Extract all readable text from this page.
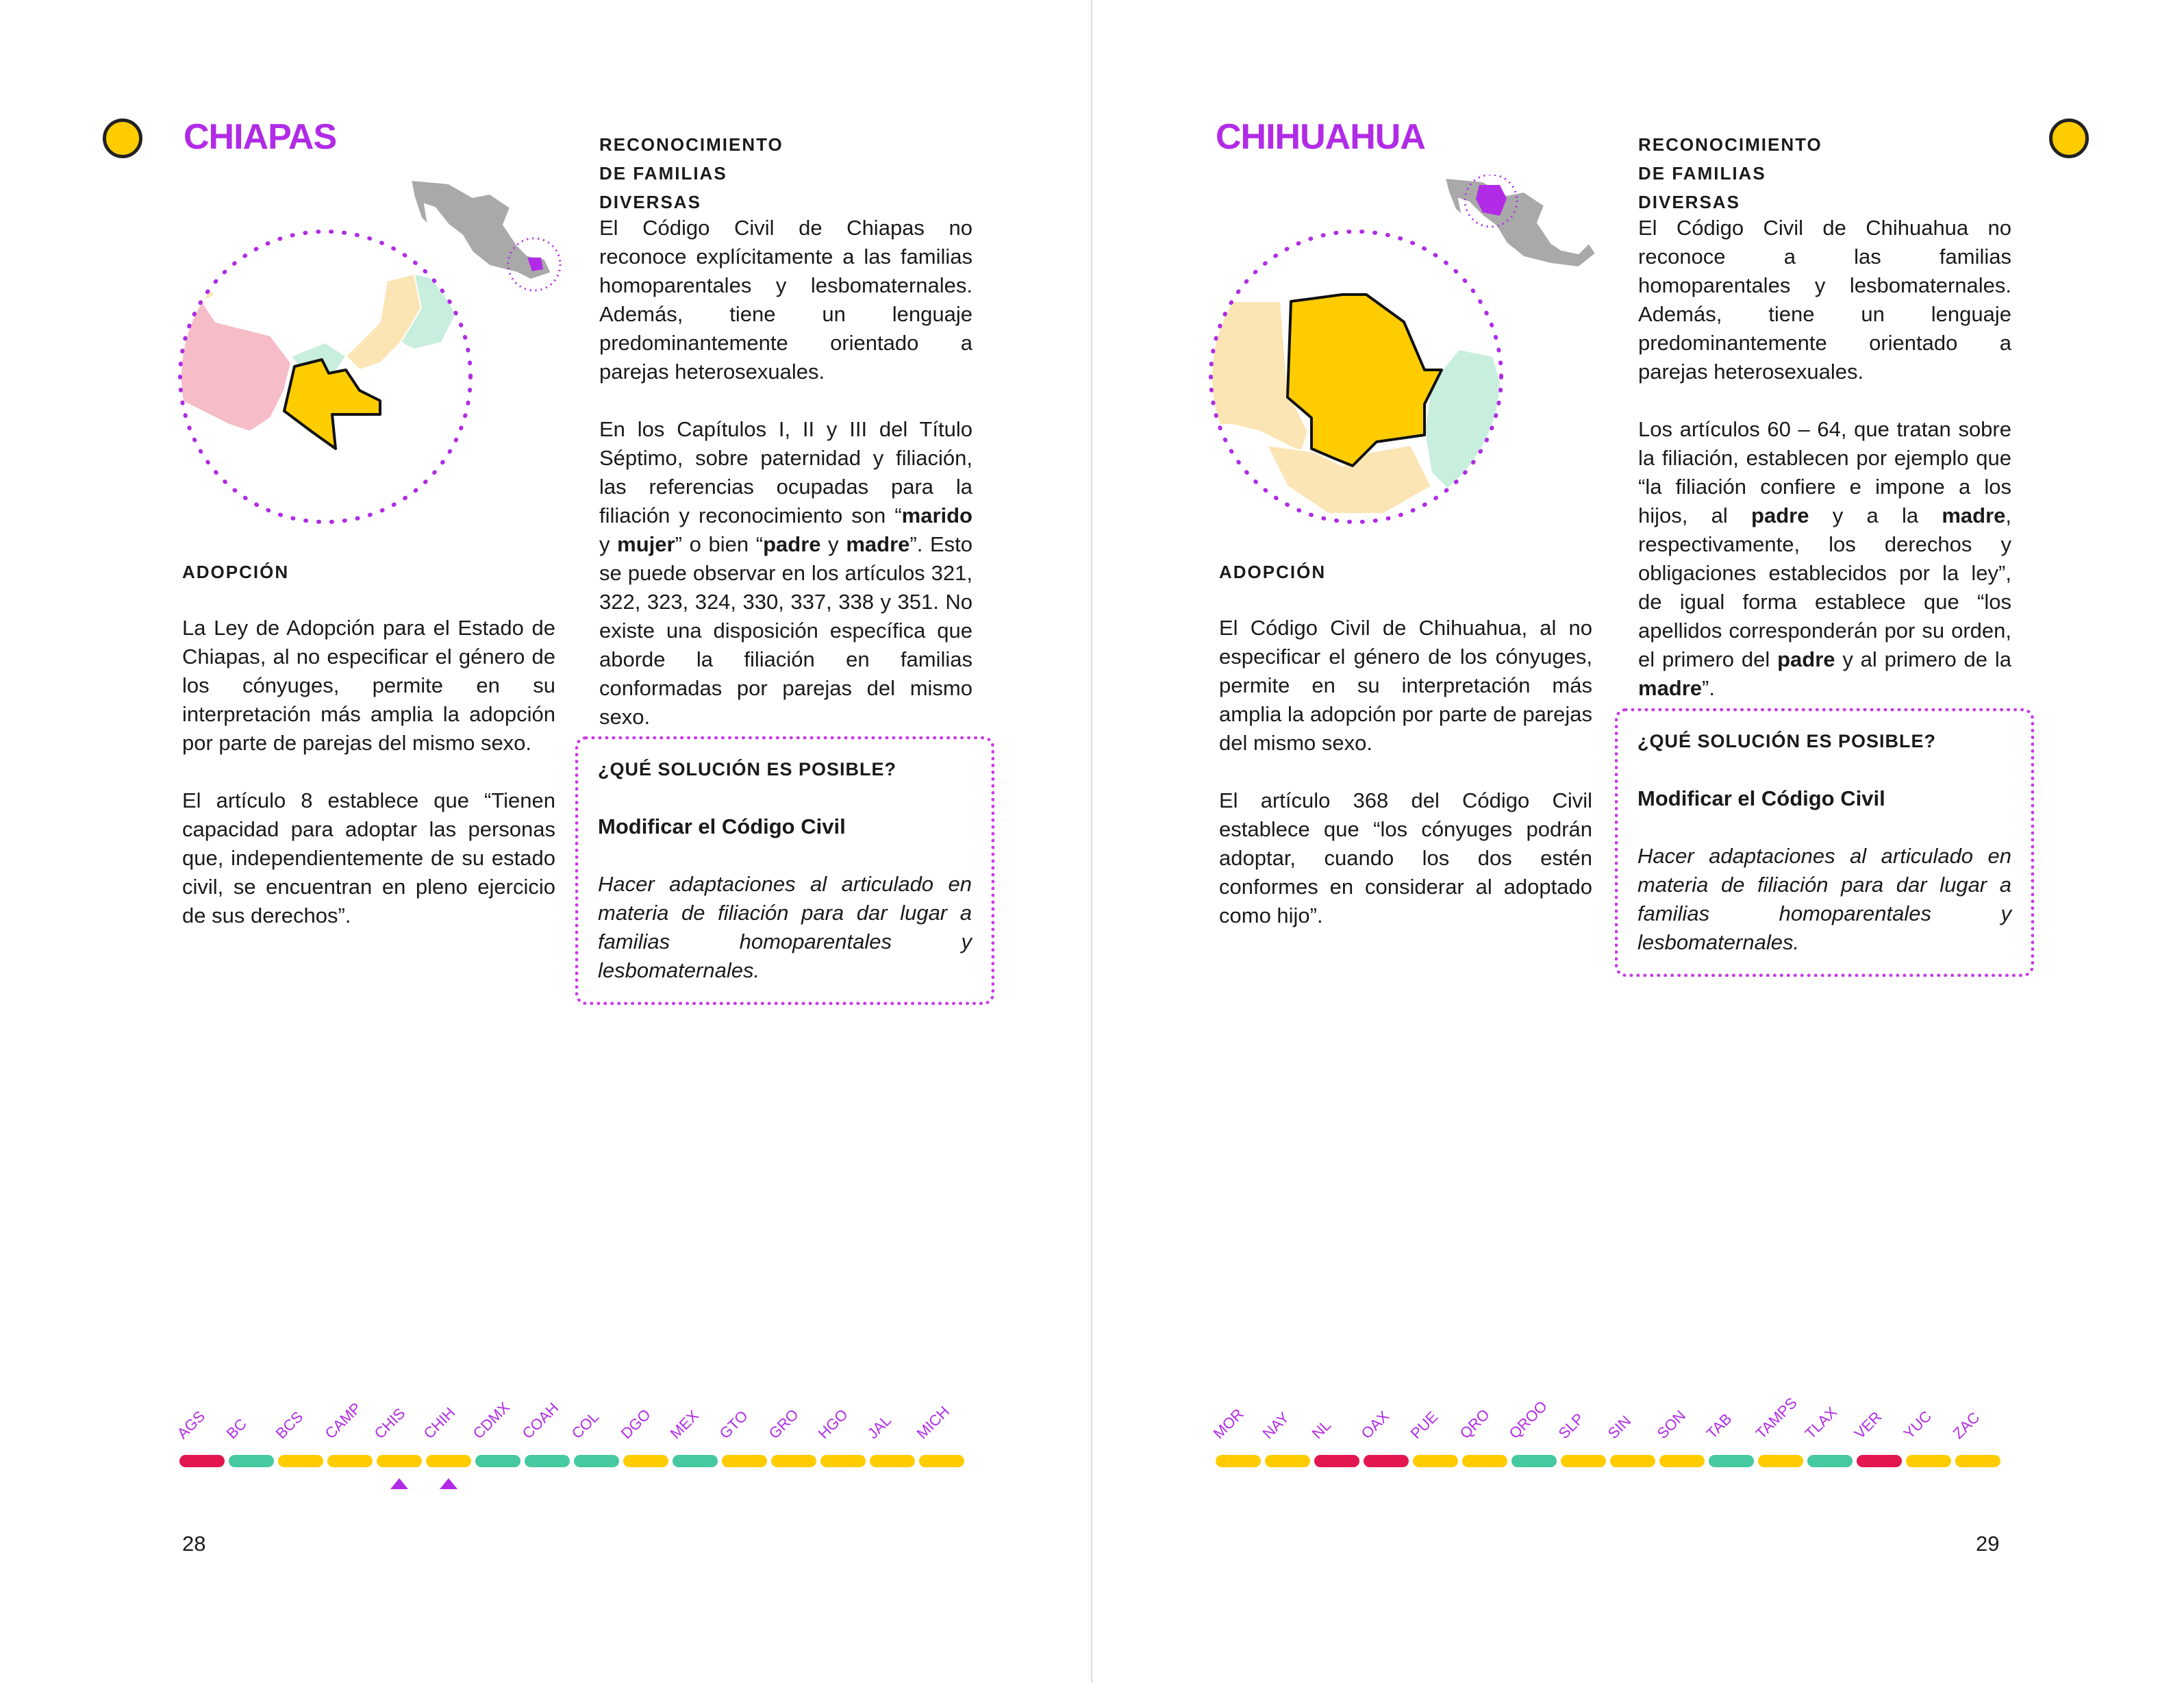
CHIAPAS	RECONOCIMIENTO DE FAMILIAS DIVERSAS

El Código Civil de Chiapas no reconoce explícitamente a las familias homoparentales y lesbomaternales. Además, tiene un lenguaje predominantemente orientado a parejas heterosexuales.

En los Capítulos I, II y III del Título Séptimo, sobre paternidad y filiación, las referencias ocupadas para la filiación y reconocimiento son “marido y mujer” o bien “padre y madre”. Esto se puede observar en los artículos 321, 322, 323, 324, 330, 337, 338 y 351. No existe una disposición específica que aborde la filiación en familias conformadas por parejas del mismo sexo.

¿QUÉ SOLUCIÓN ES POSIBLE?

Modificar el Código Civil

Hacer adaptaciones al articulado en materia de filiación para dar lugar a familias homoparentales y lesbomaternales.

ADOPCIÓN

La Ley de Adopción para el Estado de Chiapas, al no especificar el género de los cónyuges, permite en su interpretación más amplia la adopción por parte de parejas del mismo sexo.

El artículo 8 establece que “Tienen capacidad para adoptar las personas que, independientemente de su estado civil, se encuentran en pleno ejercicio de sus derechos”.

AGS BC BCS CAMP CHIS CHIH CDMX COAH COL DGO MEX GTO GRO HGO JAL MICH

28

CHIHUAHUA	RECONOCIMIENTO DE FAMILIAS DIVERSAS

El Código Civil de Chihuahua no reconoce a las familias homoparentales y lesbomaternales. Además, tiene un lenguaje predominantemente orientado a parejas heterosexuales.

Los artículos 60 – 64, que tratan sobre la filiación, establecen por ejemplo que “la filiación confiere e impone a los hijos, al padre y a la madre, respectivamente, los derechos y obligaciones establecidos por la ley”, de igual forma establece que “los apellidos corresponderán por su orden, el primero del padre y al primero de la madre”.

¿QUÉ SOLUCIÓN ES POSIBLE?

Modificar el Código Civil

Hacer adaptaciones al articulado en materia de filiación para dar lugar a familias homoparentales y lesbomaternales.

ADOPCIÓN

El Código Civil de Chihuahua, al no especificar el género de los cónyuges, permite en su interpretación más amplia la adopción por parte de parejas del mismo sexo.

El artículo 368 del Código Civil establece que “los cónyuges podrán adoptar, cuando los dos estén conformes en considerar al adoptado como hijo”.

MOR NAY NL OAX PUE QRO QROO SLP SIN SON TAB TAMPS TLAX VER YUC ZAC

29
